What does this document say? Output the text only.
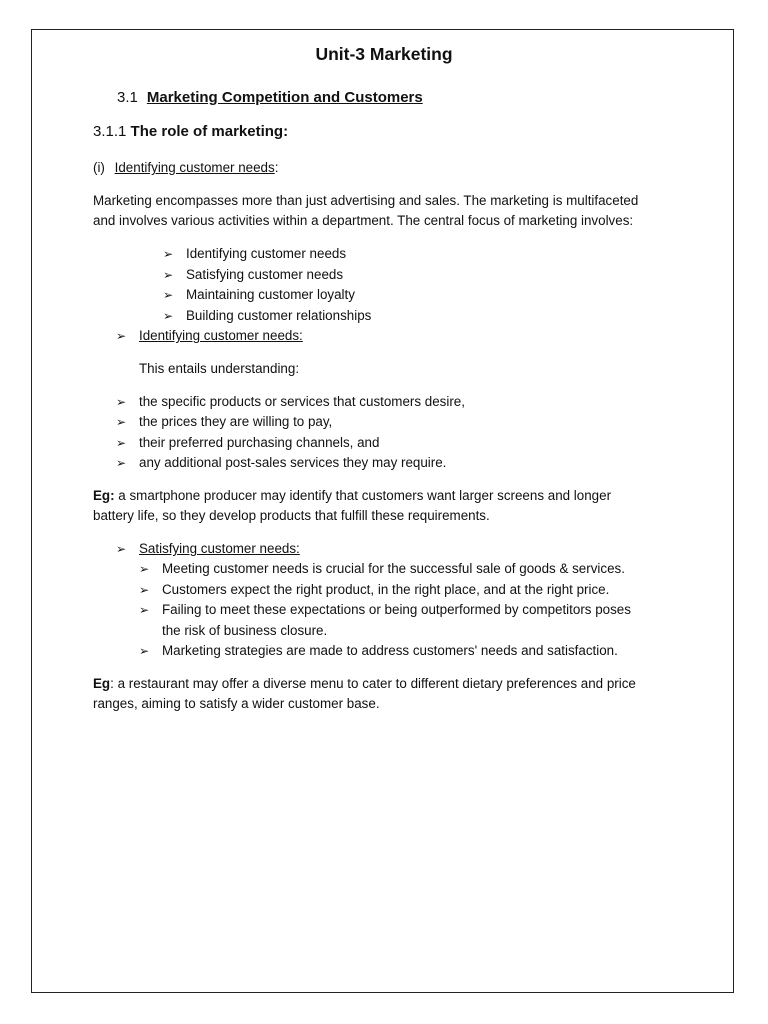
Unit-3 Marketing
3.1 Marketing Competition and Customers
3.1.1 The role of marketing:
(i) Identifying customer needs:
Marketing encompasses more than just advertising and sales. The marketing is multifaceted
and involves various activities within a department. The central focus of marketing involves:
➢ Identifying customer needs
➢ Satisfying customer needs
➢ Maintaining customer loyalty
➢ Building customer relationships
➢ Identifying customer needs:
This entails understanding:
➢ the specific products or services that customers desire,
➢ the prices they are willing to pay,
➢ their preferred purchasing channels, and
➢ any additional post-sales services they may require.
Eg: a smartphone producer may identify that customers want larger screens and longer
battery life, so they develop products that fulfill these requirements.
➢ Satisfying customer needs:
➢ Meeting customer needs is crucial for the successful sale of goods & services.
➢ Customers expect the right product, in the right place, and at the right price.
➢ Failing to meet these expectations or being outperformed by competitors poses
the risk of business closure.
➢ Marketing strategies are made to address customers' needs and satisfaction.
Eg: a restaurant may offer a diverse menu to cater to different dietary preferences and price
ranges, aiming to satisfy a wider customer base.
